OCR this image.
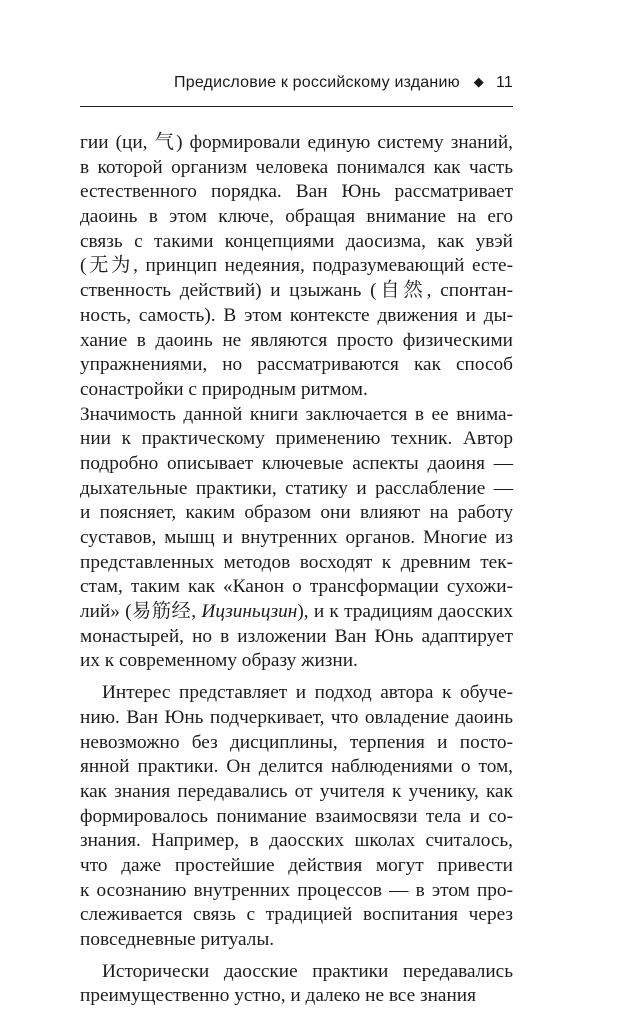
Предисловие к российскому изданию ◆ 11
гии (ци, 气) формировали единую систему знаний,
в которой организм человека понимался как часть
естественного порядка. Ван Юнь рассматривает
даоинь в этом ключе, обращая внимание на его
связь с такими концепциями даосизма, как увэй
(无为, принцип недеяния, подразумевающий есте-
ственность действий) и цзыжань (自然, спонтан-
ность, самость). В этом контексте движения и ды-
хание в даоинь не являются просто физическими
упражнениями, но рассматриваются как способ
сонастройки с природным ритмом.
Значимость данной книги заключается в ее внима-
нии к практическому применению техник. Автор
подробно описывает ключевые аспекты даоиня —
дыхательные практики, статику и расслабление —
и поясняет, каким образом они влияют на работу
суставов, мышц и внутренних органов. Многие из
представленных методов восходят к древним тек-
стам, таким как «Канон о трансформации сухожи-
лий» (易筋经, Ицзиньцзин), и к традициям даосских
монастырей, но в изложении Ван Юнь адаптирует
их к современному образу жизни.
Интерес представляет и подход автора к обуче-
нию. Ван Юнь подчеркивает, что овладение даоинь
невозможно без дисциплины, терпения и посто-
янной практики. Он делится наблюдениями о том,
как знания передавались от учителя к ученику, как
формировалось понимание взаимосвязи тела и со-
знания. Например, в даосских школах считалось,
что даже простейшие действия могут привести
к осознанию внутренних процессов — в этом про-
слеживается связь с традицией воспитания через
повседневные ритуалы.
Исторически даосские практики передавались
преимущественно устно, и далеко не все знания
